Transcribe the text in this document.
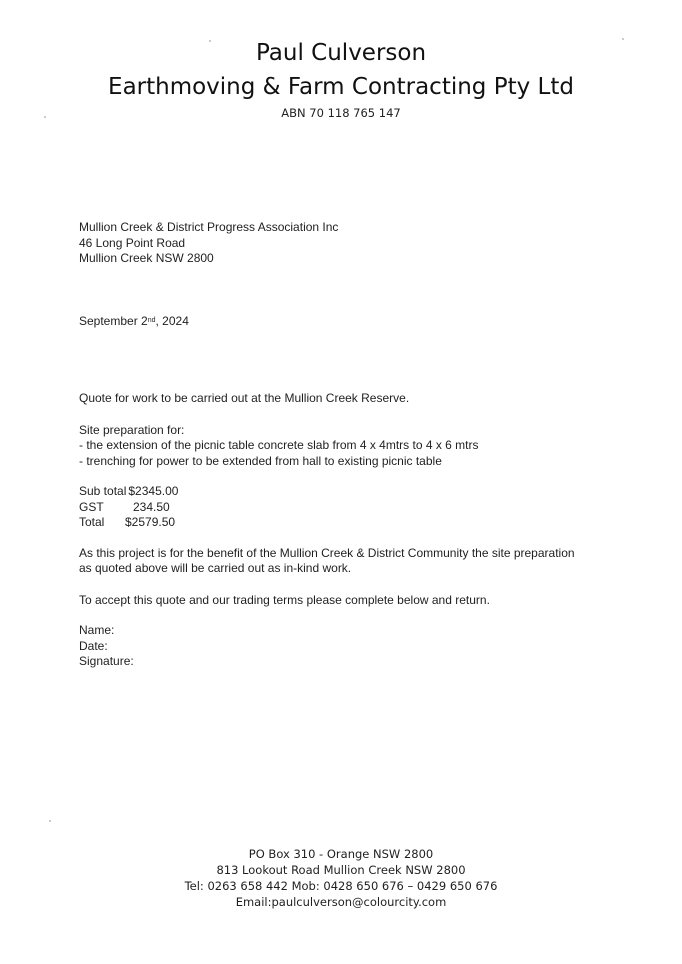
Paul Culverson
Earthmoving & Farm Contracting Pty Ltd
ABN 70 118 765 147
Mullion Creek & District Progress Association Inc
46 Long Point Road
Mullion Creek NSW 2800
September 2nd, 2024
Quote for work to be carried out at the Mullion Creek Reserve.
Site preparation for:
- the extension of the picnic table concrete slab from 4 x 4mtrs to 4 x 6 mtrs
- trenching for power to be extended from hall to existing picnic table
Sub total $2345.00
GST	234.50
Total	$2579.50
As this project is for the benefit of the Mullion Creek & District Community the site preparation
as quoted above will be carried out as in-kind work.
To accept this quote and our trading terms please complete below and return.
Name:
Date:
Signature:
PO Box 310 - Orange NSW 2800
813 Lookout Road Mullion Creek NSW 2800
Tel: 0263 658 442 Mob: 0428 650 676 – 0429 650 676
Email:paulculverson@colourcity.com
